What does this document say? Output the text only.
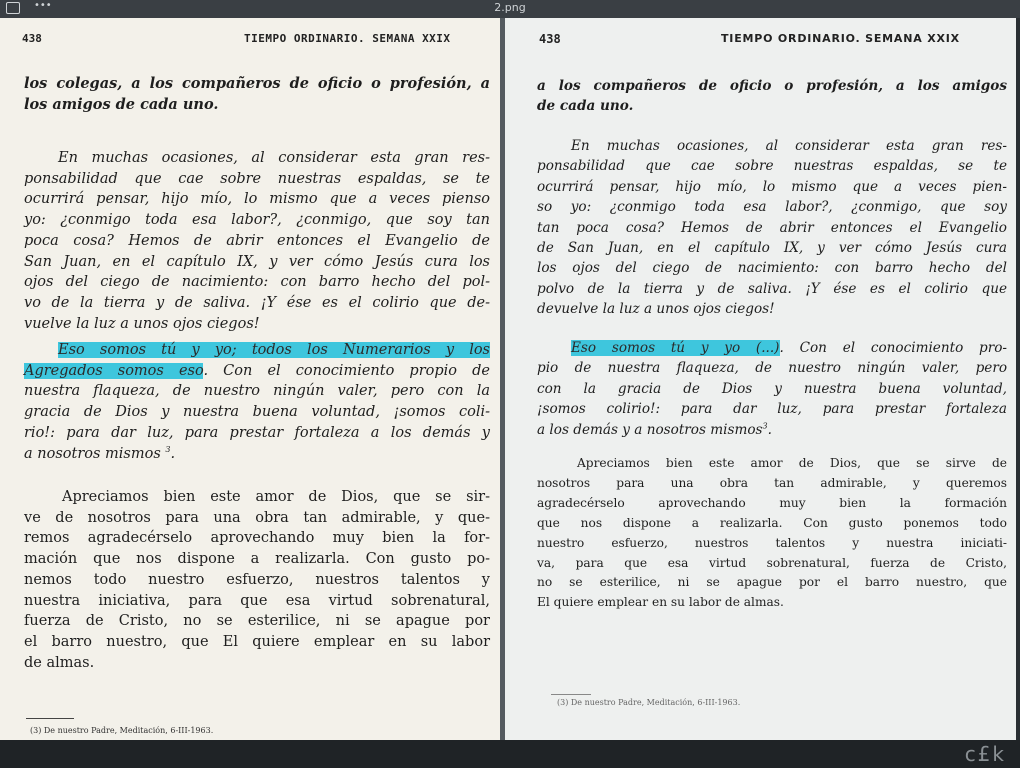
•••	2.png
438	TIEMPO ORDINARIO. SEMANA XXIX
los colegas, a los compañeros de oficio o profesión, a
los amigos de cada uno.
En muchas ocasiones, al considerar esta gran res-
ponsabilidad que cae sobre nuestras espaldas, se te
ocurrirá pensar, hijo mío, lo mismo que a veces pienso
yo: ¿conmigo toda esa labor?, ¿conmigo, que soy tan
poca cosa? Hemos de abrir entonces el Evangelio de
San Juan, en el capítulo IX, y ver cómo Jesús cura los
ojos del ciego de nacimiento: con barro hecho del pol-
vo de la tierra y de saliva. ¡Y ése es el colirio que de-
vuelve la luz a unos ojos ciegos!
Eso somos tú y yo; todos los Numerarios y los
Agregados somos eso. Con el conocimiento propio de
nuestra flaqueza, de nuestro ningún valer, pero con la
gracia de Dios y nuestra buena voluntad, ¡somos coli-
rio!: para dar luz, para prestar fortaleza a los demás y
a nosotros mismos $^3$.
Apreciamos bien este amor de Dios, que se sir-
ve de nosotros para una obra tan admirable, y que-
remos agradecérselo aprovechando muy bien la for-
mación que nos dispone a realizarla. Con gusto po-
nemos todo nuestro esfuerzo, nuestros talentos y
nuestra iniciativa, para que esa virtud sobrenatural,
fuerza de Cristo, no se esterilice, ni se apague por
el barro nuestro, que El quiere emplear en su labor
de almas.
(3) De nuestro Padre, Meditación, 6-III-1963.
438	TIEMPO ORDINARIO. SEMANA XXIX
a los compañeros de oficio o profesión, a los amigos
de cada uno.
En muchas ocasiones, al considerar esta gran res-
ponsabilidad que cae sobre nuestras espaldas, se te
ocurrirá pensar, hijo mío, lo mismo que a veces pien-
so yo: ¿conmigo toda esa labor?, ¿conmigo, que soy
tan poca cosa? Hemos de abrir entonces el Evangelio
de San Juan, en el capítulo IX, y ver cómo Jesús cura
los ojos del ciego de nacimiento: con barro hecho del
polvo de la tierra y de saliva. ¡Y ése es el colirio que
devuelve la luz a unos ojos ciegos!
Eso somos tú y yo (...). Con el conocimiento pro-
pio de nuestra flaqueza, de nuestro ningún valer, pero
con la gracia de Dios y nuestra buena voluntad,
¡somos colirio!: para dar luz, para prestar fortaleza
a los demás y a nosotros mismos$^3$.
Apreciamos bien este amor de Dios, que se sirve de
nosotros para una obra tan admirable, y queremos
agradecérselo aprovechando muy bien la formación
que nos dispone a realizarla. Con gusto ponemos todo
nuestro esfuerzo, nuestros talentos y nuestra iniciati-
va, para que esa virtud sobrenatural, fuerza de Cristo,
no se esterilice, ni se apague por el barro nuestro, que
El quiere emplear en su labor de almas.
(3) De nuestro Padre, Meditación, 6-III-1963.
c£k
